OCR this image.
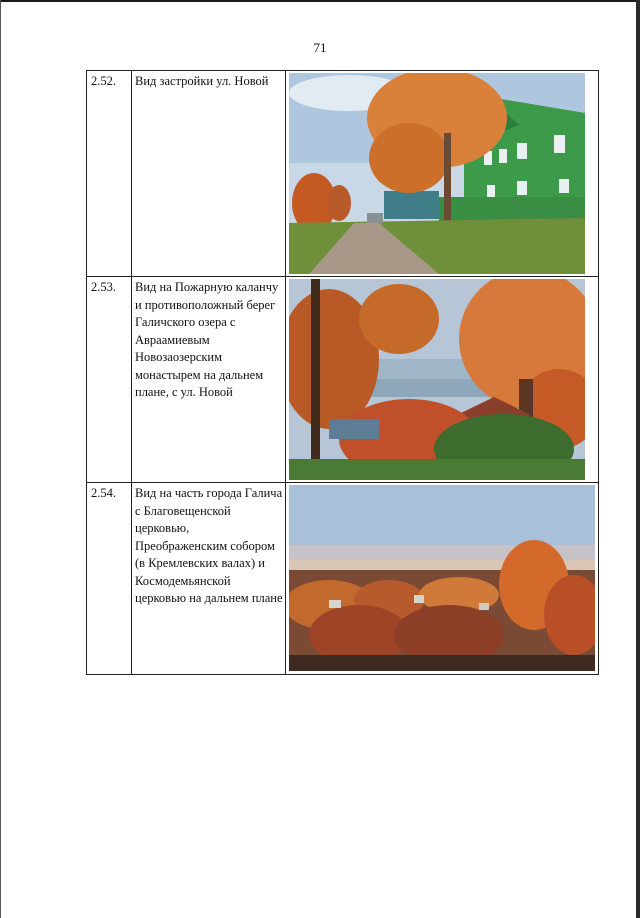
71
2.52.	Вид застройки ул. Новой	

2.53.	Вид на Пожарную каланчу и противоположный берег Галичского озера с Авраамиевым Новозаозерским монастырем на дальнем плане, с ул. Новой	

2.54.	Вид на часть города Галича с Благовещенской церковью, Преображенским собором (в Кремлевских валах) и Космодемьянской церковью на дальнем плане	
